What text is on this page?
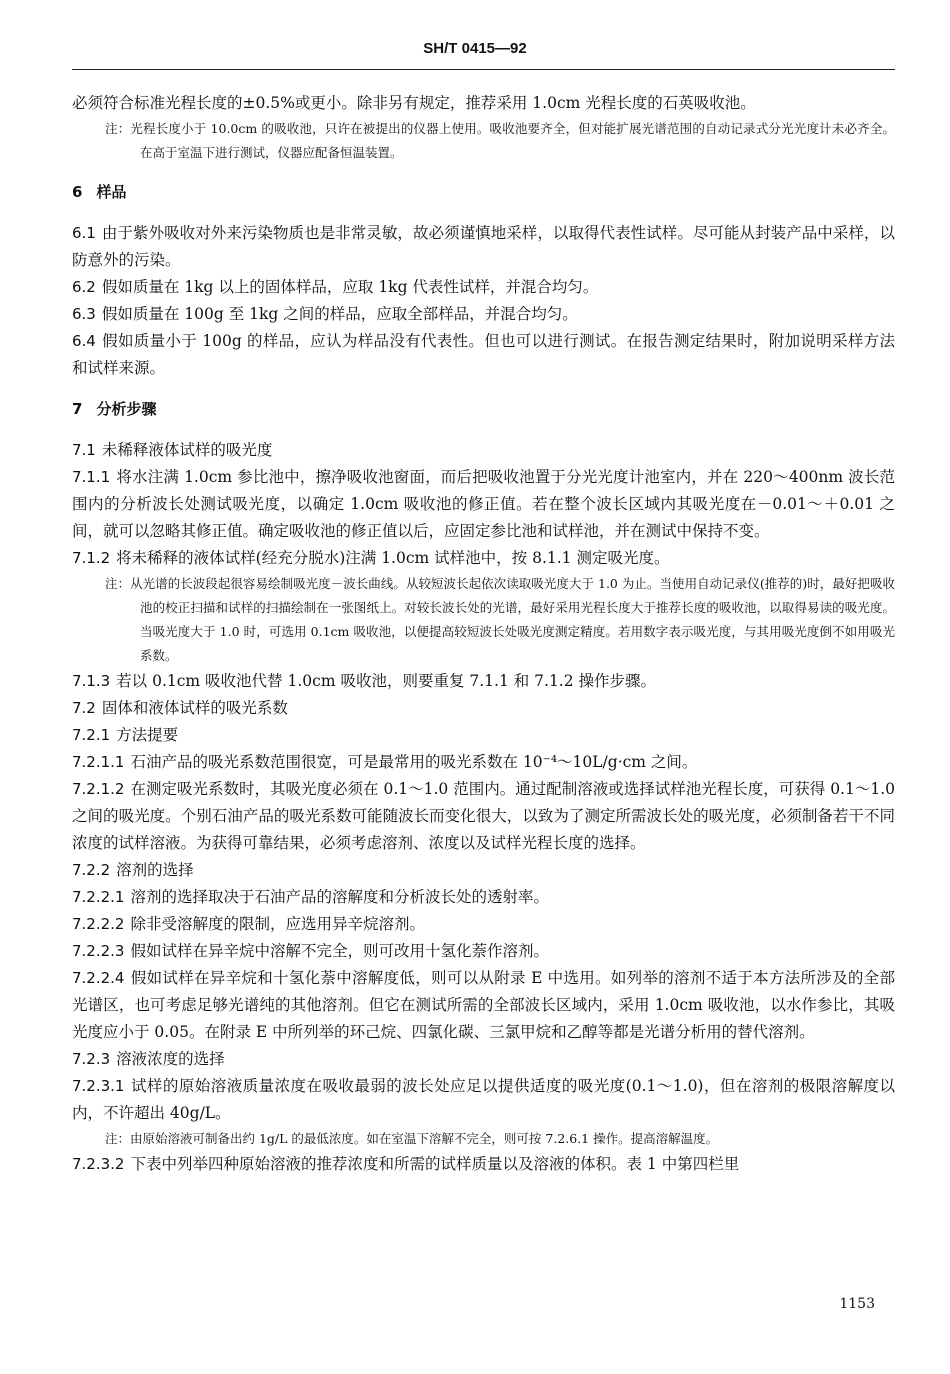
SH/T 0415—92
必须符合标准光程长度的±0.5%或更小。除非另有规定，推荐采用 1.0cm 光程长度的石英吸收池。
注：光程长度小于 10.0cm 的吸收池，只许在被提出的仪器上使用。吸收池要齐全，但对能扩展光谱范围的自动记录式分光光度计未必齐全。在高于室温下进行测试，仪器应配备恒温装置。
6 样品
6.1 由于紫外吸收对外来污染物质也是非常灵敏，故必须谨慎地采样，以取得代表性试样。尽可能从封装产品中采样，以防意外的污染。
6.2 假如质量在 1kg 以上的固体样品，应取 1kg 代表性试样，并混合均匀。
6.3 假如质量在 100g 至 1kg 之间的样品，应取全部样品，并混合均匀。
6.4 假如质量小于 100g 的样品，应认为样品没有代表性。但也可以进行测试。在报告测定结果时，附加说明采样方法和试样来源。
7 分析步骤
7.1 未稀释液体试样的吸光度
7.1.1 将水注满 1.0cm 参比池中，擦净吸收池窗面，而后把吸收池置于分光光度计池室内，并在 220～400nm 波长范围内的分析波长处测试吸光度，以确定 1.0cm 吸收池的修正值。若在整个波长区域内其吸光度在－0.01～＋0.01 之间，就可以忽略其修正值。确定吸收池的修正值以后，应固定参比池和试样池，并在测试中保持不变。
7.1.2 将未稀释的液体试样(经充分脱水)注满 1.0cm 试样池中，按 8.1.1 测定吸光度。
注：从光谱的长波段起很容易绘制吸光度－波长曲线。从较短波长起依次读取吸光度大于 1.0 为止。当使用自动记录仪(推荐的)时，最好把吸收池的校正扫描和试样的扫描绘制在一张图纸上。对较长波长处的光谱，最好采用光程长度大于推荐长度的吸收池，以取得易读的吸光度。当吸光度大于 1.0 时，可选用 0.1cm 吸收池，以便提高较短波长处吸光度测定精度。若用数字表示吸光度，与其用吸光度倒不如用吸光系数。
7.1.3 若以 0.1cm 吸收池代替 1.0cm 吸收池，则要重复 7.1.1 和 7.1.2 操作步骤。
7.2 固体和液体试样的吸光系数
7.2.1 方法提要
7.2.1.1 石油产品的吸光系数范围很宽，可是最常用的吸光系数在 10⁻⁴～10L/g·cm 之间。
7.2.1.2 在测定吸光系数时，其吸光度必须在 0.1～1.0 范围内。通过配制溶液或选择试样池光程长度，可获得 0.1～1.0 之间的吸光度。个别石油产品的吸光系数可能随波长而变化很大，以致为了测定所需波长处的吸光度，必须制备若干不同浓度的试样溶液。为获得可靠结果，必须考虑溶剂、浓度以及试样光程长度的选择。
7.2.2 溶剂的选择
7.2.2.1 溶剂的选择取决于石油产品的溶解度和分析波长处的透射率。
7.2.2.2 除非受溶解度的限制，应选用异辛烷溶剂。
7.2.2.3 假如试样在异辛烷中溶解不完全，则可改用十氢化萘作溶剂。
7.2.2.4 假如试样在异辛烷和十氢化萘中溶解度低，则可以从附录 E 中选用。如列举的溶剂不适于本方法所涉及的全部光谱区，也可考虑足够光谱纯的其他溶剂。但它在测试所需的全部波长区域内，采用 1.0cm 吸收池，以水作参比，其吸光度应小于 0.05。在附录 E 中所列举的环己烷、四氯化碳、三氯甲烷和乙醇等都是光谱分析用的替代溶剂。
7.2.3 溶液浓度的选择
7.2.3.1 试样的原始溶液质量浓度在吸收最弱的波长处应足以提供适度的吸光度(0.1～1.0)，但在溶剂的极限溶解度以内，不许超出 40g/L。
注：由原始溶液可制备出约 1g/L 的最低浓度。如在室温下溶解不完全，则可按 7.2.6.1 操作。提高溶解温度。
7.2.3.2 下表中列举四种原始溶液的推荐浓度和所需的试样质量以及溶液的体积。表 1 中第四栏里
1153
